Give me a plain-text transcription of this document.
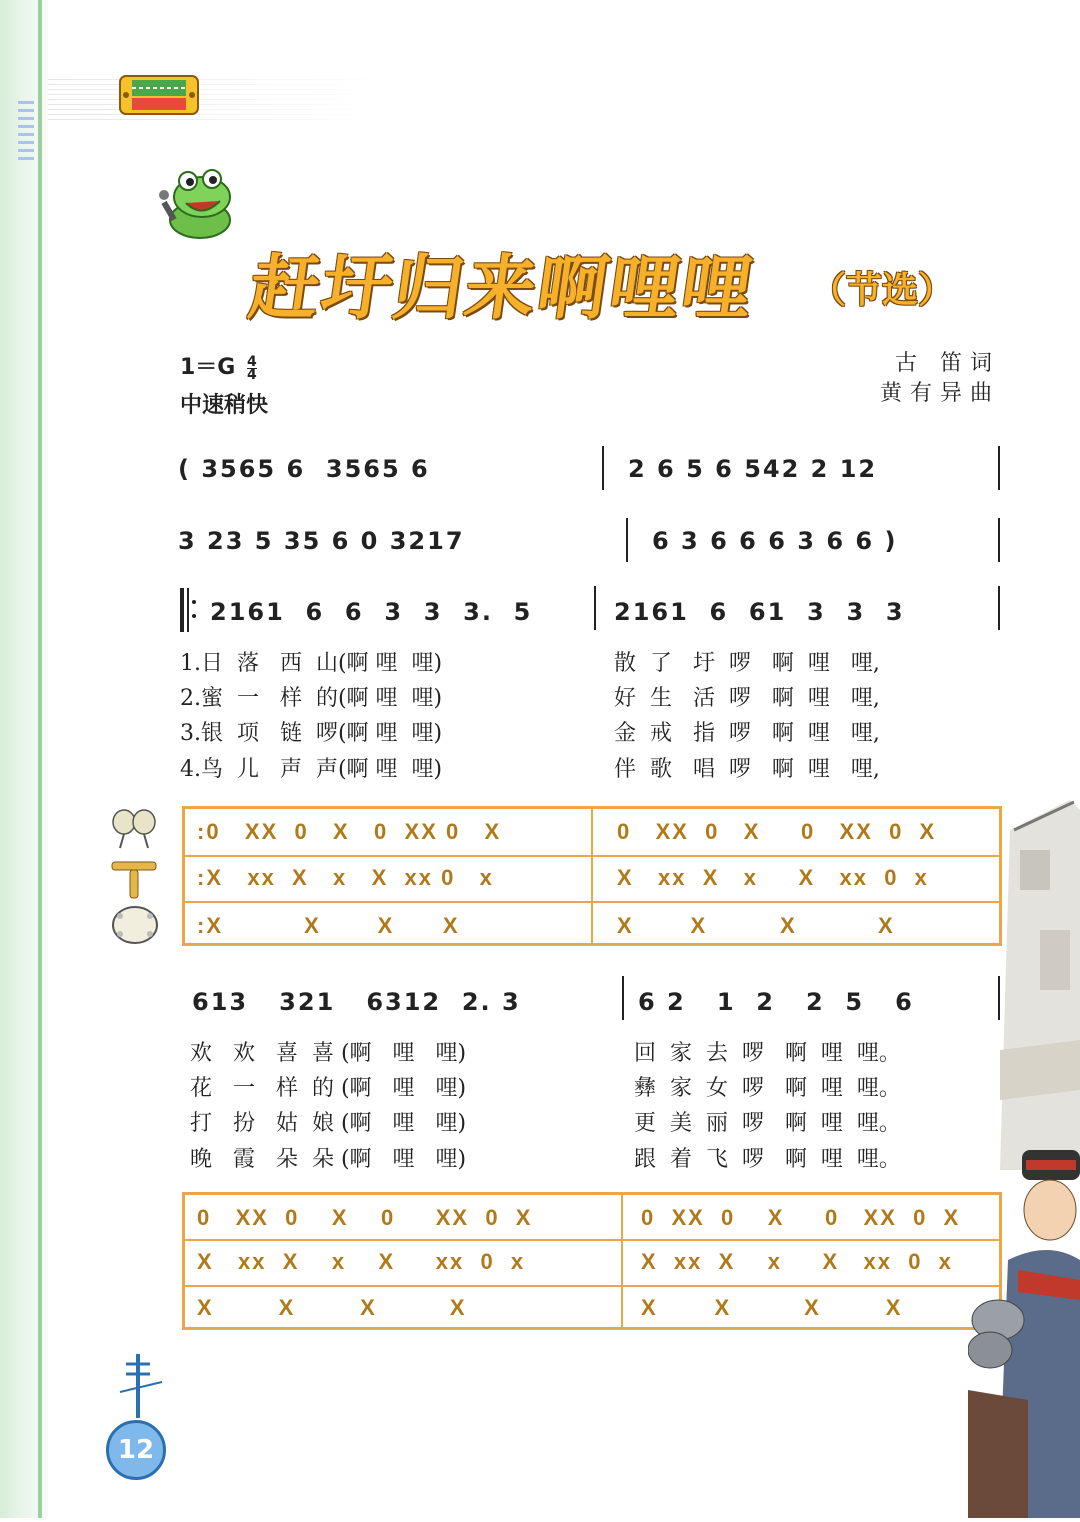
赶圩归来啊哩哩	（节选）
$1=G \frac{4}{4}$
中速稍快
古 笛词
黄有异曲
( 3565 6  3565 6	2 6 5 6 542 2 12
3 23 5 35 6 0 3217	6 3 6 6 6 3 6 6 )
2161  6  6  3  3  3.  5	2161  6  61  3  3  3
1.日  落   西  山(啊 哩  哩)	散  了   圩  啰   啊  哩   哩,
2.蜜  一   样  的(啊 哩  哩)	好  生   活  啰   啊  哩   哩,
3.银  项   链  啰(啊 哩  哩)	金  戒   指  啰   啊  哩   哩,
4.鸟  儿   声  声(啊 哩  哩)	伴  歌   唱  啰   啊  哩   哩,
:0   XX  0   X   0  XX 0   X	0   XX  0   X     0   XX  0  X
:X   xx  X   x   X  xx 0   x	X   xx  X   x     X   xx  0  x
:X          X       X      X	X       X         X          X
613   321   6312  2. 3	6 2   1  2   2  5   6
欢   欢   喜  喜 (啊   哩   哩)	回  家  去  啰   啊  哩  哩。
花   一   样  的 (啊   哩   哩)	彝  家  女  啰   啊  哩  哩。
打   扮   姑  娘 (啊   哩   哩)	更  美  丽  啰   啊  哩  哩。
晚   霞   朵  朵 (啊   哩   哩)	跟  着  飞  啰   啊  哩  哩。
0   XX  0    X    0     XX  0  X	0  XX  0    X     0   XX  0  X
X   xx  X    x    X     xx  0  x	X  xx  X    x     X   xx  0  x
X        X        X         X	X       X         X        X
12
